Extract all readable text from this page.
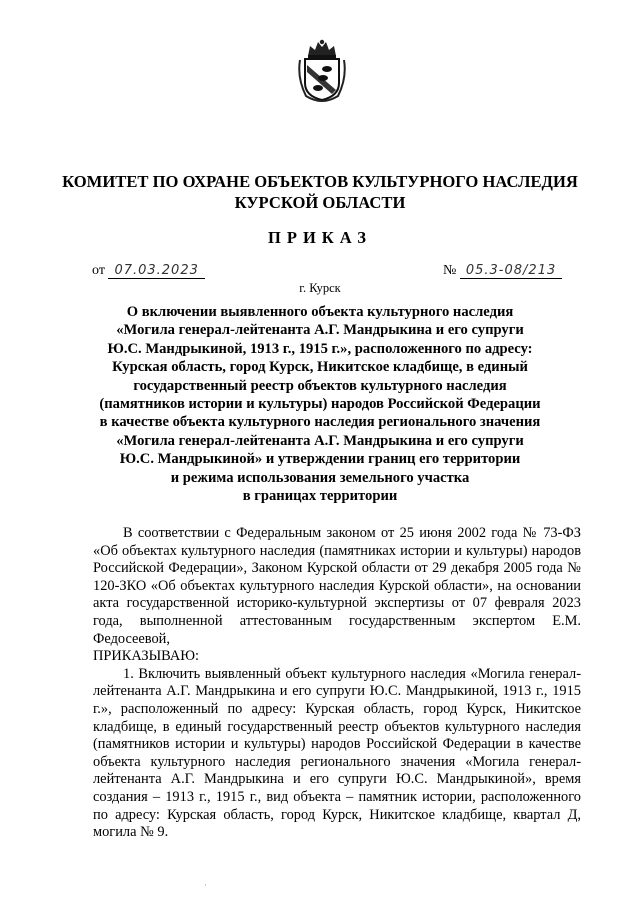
КОМИТЕТ ПО ОХРАНЕ ОБЪЕКТОВ КУЛЬТУРНОГО НАСЛЕДИЯ
КУРСКОЙ ОБЛАСТИ
ПРИКАЗ
от 07.03.2023	№ 05.3-08/213
г. Курск
О включении выявленного объекта культурного наследия
«Могила генерал-лейтенанта А.Г. Мандрыкина и его супруги
Ю.С. Мандрыкиной, 1913 г., 1915 г.», расположенного по адресу:
Курская область, город Курск, Никитское кладбище, в единый
государственный реестр объектов культурного наследия
(памятников истории и культуры) народов Российской Федерации
в качестве объекта культурного наследия регионального значения
«Могила генерал-лейтенанта А.Г. Мандрыкина и его супруги
Ю.С. Мандрыкиной» и утверждении границ его территории
и режима использования земельного участка
в границах территории

В соответствии с Федеральным законом от 25 июня 2002 года № 73-ФЗ «Об объектах культурного наследия (памятниках истории и культуры) народов Российской Федерации», Законом Курской области от 29 декабря 2005 года № 120-ЗКО «Об объектах культурного наследия Курской области», на основании акта государственной историко-культурной экспертизы от 07 февраля 2023 года, выполненной аттестованным государственным экспертом Е.М. Федосеевой,

ПРИКАЗЫВАЮ:

1. Включить выявленный объект культурного наследия «Могила генерал-лейтенанта А.Г. Мандрыкина и его супруги Ю.С. Мандрыкиной, 1913 г., 1915 г.», расположенный по адресу: Курская область, город Курск, Никитское кладбище, в единый государственный реестр объектов культурного наследия (памятников истории и культуры) народов Российской Федерации в качестве объекта культурного наследия регионального значения «Могила генерал-лейтенанта А.Г. Мандрыкина и его супруги Ю.С. Мандрыкиной», время создания – 1913 г., 1915 г., вид объекта – памятник истории, расположенного по адресу: Курская область, город Курск, Никитское кладбище, квартал Д, могила № 9.

·
